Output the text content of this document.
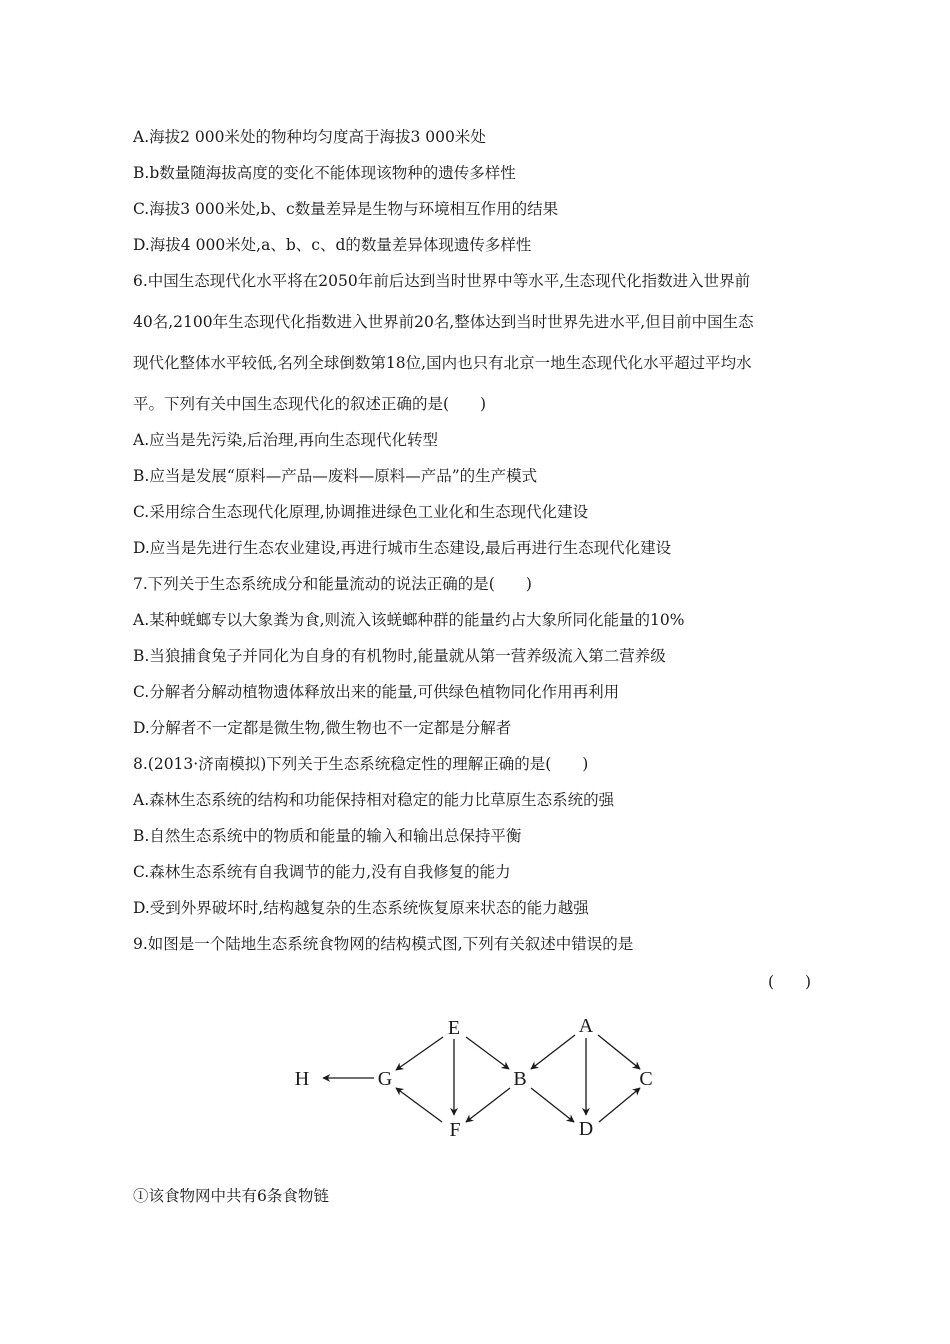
A.海拔2 000米处的物种均匀度高于海拔3 000米处
B.b数量随海拔高度的变化不能体现该物种的遗传多样性
C.海拔3 000米处,b、c数量差异是生物与环境相互作用的结果
D.海拔4 000米处,a、b、c、d的数量差异体现遗传多样性
6.中国生态现代化水平将在2050年前后达到当时世界中等水平,生态现代化指数进入世界前
40名,2100年生态现代化指数进入世界前20名,整体达到当时世界先进水平,但目前中国生态
现代化整体水平较低,名列全球倒数第18位,国内也只有北京一地生态现代化水平超过平均水
平。下列有关中国生态现代化的叙述正确的是(　　)
A.应当是先污染,后治理,再向生态现代化转型
B.应当是发展“原料—产品—废料—原料—产品”的生产模式
C.采用综合生态现代化原理,协调推进绿色工业化和生态现代化建设
D.应当是先进行生态农业建设,再进行城市生态建设,最后再进行生态现代化建设
7.下列关于生态系统成分和能量流动的说法正确的是(　　)
A.某种蜣螂专以大象粪为食,则流入该蜣螂种群的能量约占大象所同化能量的10%
B.当狼捕食兔子并同化为自身的有机物时,能量就从第一营养级流入第二营养级
C.分解者分解动植物遗体释放出来的能量,可供绿色植物同化作用再利用
D.分解者不一定都是微生物,微生物也不一定都是分解者
8.(2013·济南模拟)下列关于生态系统稳定性的理解正确的是(　　)
A.森林生态系统的结构和功能保持相对稳定的能力比草原生态系统的强
B.自然生态系统中的物质和能量的输入和输出总保持平衡
C.森林生态系统有自我调节的能力,没有自我修复的能力
D.受到外界破坏时,结构越复杂的生态系统恢复原来状态的能力越强
9.如图是一个陆地生态系统食物网的结构模式图,下列有关叙述中错误的是
(　　)
H	G
E
F
B
A
D
C
①该食物网中共有6条食物链
